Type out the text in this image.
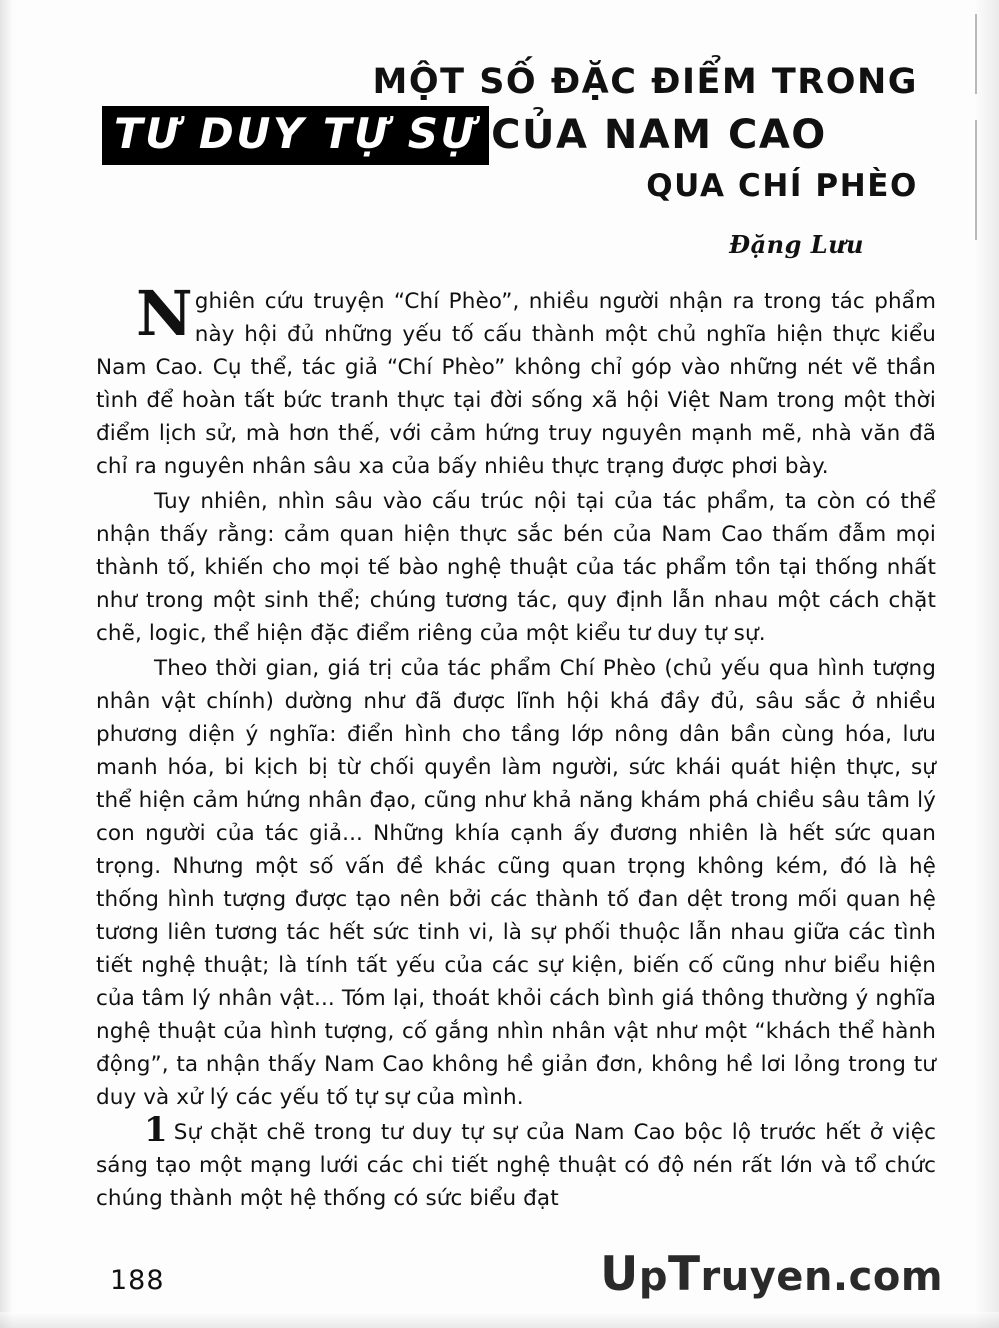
MỘT SỐ ĐẶC ĐIỂM TRONG
TƯ DUY TỰ SỰ CỦA NAM CAO
QUA CHÍ PHÈO
Đặng Lưu

Nghiên cứu truyện “Chí Phèo”, nhiều người nhận ra trong tác phẩm này hội đủ những yếu tố cấu thành một chủ nghĩa hiện thực kiểu Nam Cao. Cụ thể, tác giả “Chí Phèo” không chỉ góp vào những nét vẽ thần tình để hoàn tất bức tranh thực tại đời sống xã hội Việt Nam trong một thời điểm lịch sử, mà hơn thế, với cảm hứng truy nguyên mạnh mẽ, nhà văn đã chỉ ra nguyên nhân sâu xa của bấy nhiêu thực trạng được phơi bày.

Tuy nhiên, nhìn sâu vào cấu trúc nội tại của tác phẩm, ta còn có thể nhận thấy rằng: cảm quan hiện thực sắc bén của Nam Cao thấm đẫm mọi thành tố, khiến cho mọi tế bào nghệ thuật của tác phẩm tồn tại thống nhất như trong một sinh thể; chúng tương tác, quy định lẫn nhau một cách chặt chẽ, logic, thể hiện đặc điểm riêng của một kiểu tư duy tự sự.

Theo thời gian, giá trị của tác phẩm Chí Phèo (chủ yếu qua hình tượng nhân vật chính) dường như đã được lĩnh hội khá đầy đủ, sâu sắc ở nhiều phương diện ý nghĩa: điển hình cho tầng lớp nông dân bần cùng hóa, lưu manh hóa, bi kịch bị từ chối quyền làm người, sức khái quát hiện thực, sự thể hiện cảm hứng nhân đạo, cũng như khả năng khám phá chiều sâu tâm lý con người của tác giả... Những khía cạnh ấy đương nhiên là hết sức quan trọng. Nhưng một số vấn đề khác cũng quan trọng không kém, đó là hệ thống hình tượng được tạo nên bởi các thành tố đan dệt trong mối quan hệ tương liên tương tác hết sức tinh vi, là sự phối thuộc lẫn nhau giữa các tình tiết nghệ thuật; là tính tất yếu của các sự kiện, biến cố cũng như biểu hiện của tâm lý nhân vật... Tóm lại, thoát khỏi cách bình giá thông thường ý nghĩa nghệ thuật của hình tượng, cố gắng nhìn nhân vật như một “khách thể hành động”, ta nhận thấy Nam Cao không hề giản đơn, không hề lơi lỏng trong tư duy và xử lý các yếu tố tự sự của mình.

1 Sự chặt chẽ trong tư duy tự sự của Nam Cao bộc lộ trước hết ở việc sáng tạo một mạng lưới các chi tiết nghệ thuật có độ nén rất lớn và tổ chức chúng thành một hệ thống có sức biểu đạt

188	UpTruyen.com
